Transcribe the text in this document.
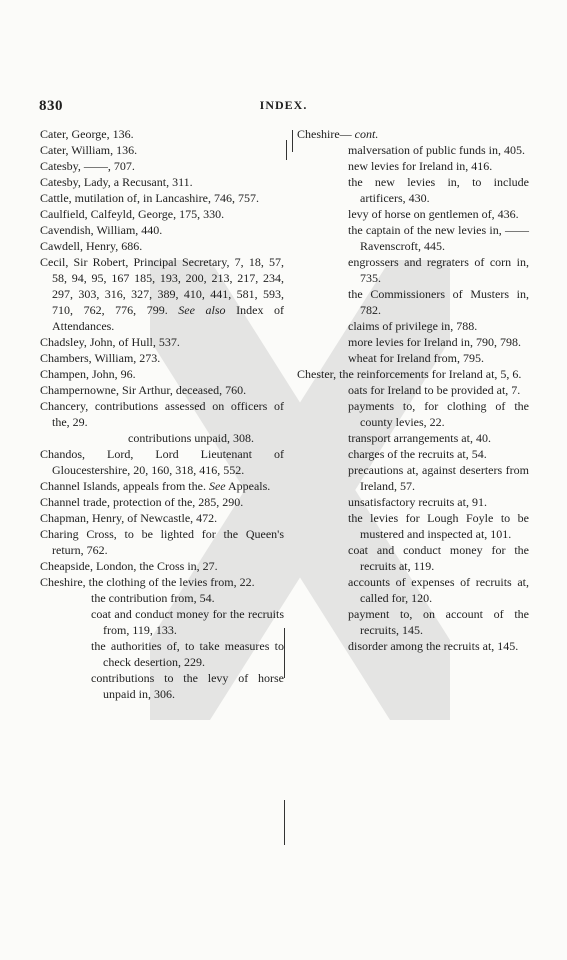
830	INDEX.
Cater, George, 136.
Cater, William, 136.
Catesby, ——, 707.
Catesby, Lady, a Recusant, 311.
Cattle, mutilation of, in Lancashire, 746, 757.
Caulfield, Calfeyld, George, 175, 330.
Cavendish, William, 440.
Cawdell, Henry, 686.
Cecil, Sir Robert, Principal Secretary, 7, 18, 57, 58, 94, 95, 167 185, 193, 200, 213, 217, 234, 297, 303, 316, 327, 389, 410, 441, 581, 593, 710, 762, 776, 799. See also Index of Attendances.
Chadsley, John, of Hull, 537.
Chambers, William, 273.
Champen, John, 96.
Champernowne, Sir Arthur, deceased, 760.
Chancery, contributions assessed on officers of the, 29.
contributions unpaid, 308.
Chandos, Lord, Lord Lieutenant of Gloucestershire, 20, 160, 318, 416, 552.
Channel Islands, appeals from the. See Appeals.
Channel trade, protection of the, 285, 290.
Chapman, Henry, of Newcastle, 472.
Charing Cross, to be lighted for the Queen's return, 762.
Cheapside, London, the Cross in, 27.
Cheshire, the clothing of the levies from, 22.
the contribution from, 54.
coat and conduct money for the recruits from, 119, 133.
the authorities of, to take measures to check desertion, 229.
contributions to the levy of horse unpaid in, 306.
Cheshire— cont.
malversation of public funds in, 405.
new levies for Ireland in, 416.
the new levies in, to include artificers, 430.
levy of horse on gentlemen of, 436.
the captain of the new levies in, —— Ravenscroft, 445.
engrossers and regraters of corn in, 735.
the Commissioners of Musters in, 782.
claims of privilege in, 788.
more levies for Ireland in, 790, 798.
wheat for Ireland from, 795.
Chester, the reinforcements for Ireland at, 5, 6.
oats for Ireland to be provided at, 7.
payments to, for clothing of the county levies, 22.
transport arrangements at, 40.
charges of the recruits at, 54.
precautions at, against deserters from Ireland, 57.
unsatisfactory recruits at, 91.
the levies for Lough Foyle to be mustered and inspected at, 101.
coat and conduct money for the recruits at, 119.
accounts of expenses of recruits at, called for, 120.
payment to, on account of the recruits, 145.
disorder among the recruits at, 145.
